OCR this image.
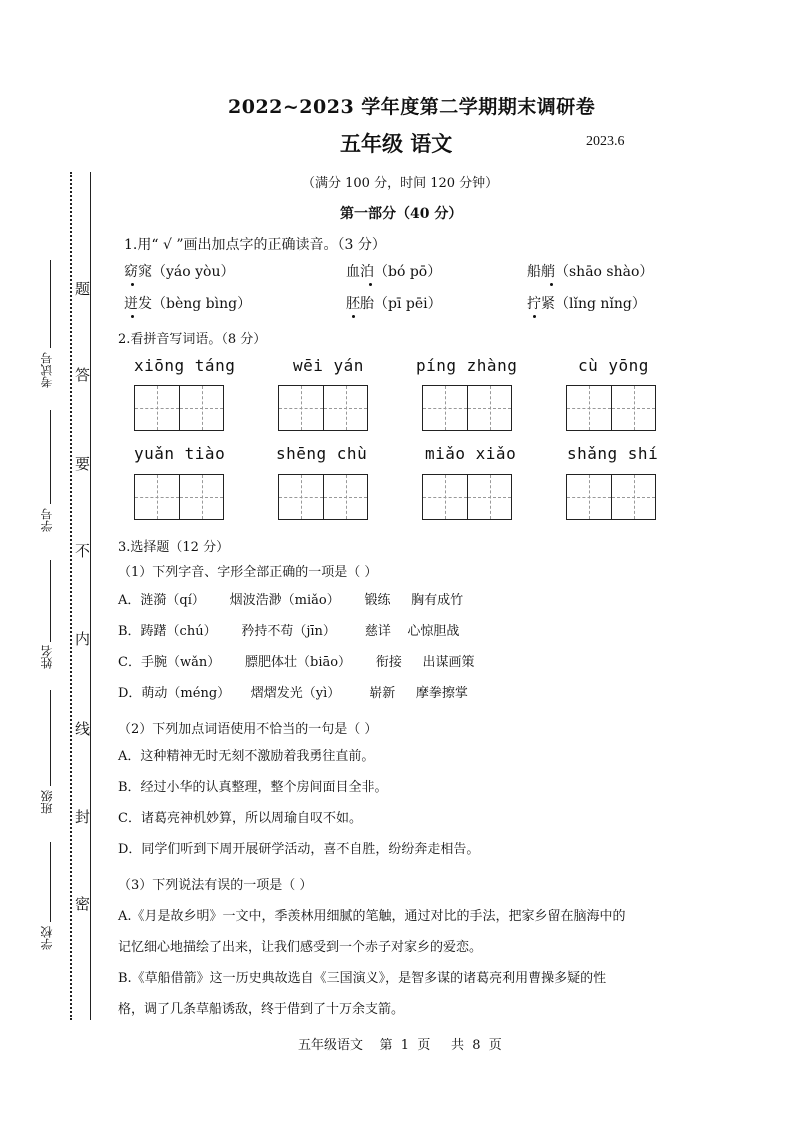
2022~2023 学年度第二学期期末调研卷
五年级 语文	2023.6
（满分 100 分，时间 120 分钟）
第一部分（40 分）
考试号
学号
姓名
班级
学校
题
答
要
不
内
线
封
密
1.用“ √ ”画出加点字的正确读音。（3 分）
窈窕（yáo yòu）	血泊（bó pō）	船艄（shāo shào）
迸发（bèng bìng）	胚胎（pī pēi）	拧紧（lǐng nǐng）
2.看拼音写词语。（8 分）
xiōng táng	wēi yán	píng zhàng	cù yōng
yuǎn tiào	shēng chù	miǎo xiǎo	shǎng shí
3.选择题（12 分）
（1）下列字音、字形全部正确的一项是（ ）
A．涟漪（qí）      烟波浩渺（miǎo）      锻练     胸有成竹
B．踌躇（chú）      矜持不苟（jīn）       慈详    心惊胆战
C．手腕（wǎn）      膘肥体壮（biāo）      衔接     出谋画策
D．萌动（méng）     熠熠发光（yì）       崭新     摩拳擦掌
（2）下列加点词语使用不恰当的一句是（ ）
A．这种精神无时无刻不激励着我勇往直前。
B．经过小华的认真整理，整个房间面目全非。
C．诸葛亮神机妙算，所以周瑜自叹不如。
D．同学们听到下周开展研学活动，喜不自胜，纷纷奔走相告。
（3）下列说法有误的一项是（ ）
A.《月是故乡明》一文中，季羡林用细腻的笔触，通过对比的手法，把家乡留在脑海中的
记忆细心地描绘了出来，让我们感受到一个赤子对家乡的爱恋。
B.《草船借箭》这一历史典故选自《三国演义》，是智多谋的诸葛亮利用曹操多疑的性
格，调了几条草船诱敌，终于借到了十万余支箭。
五年级语文    第  1  页     共  8  页
